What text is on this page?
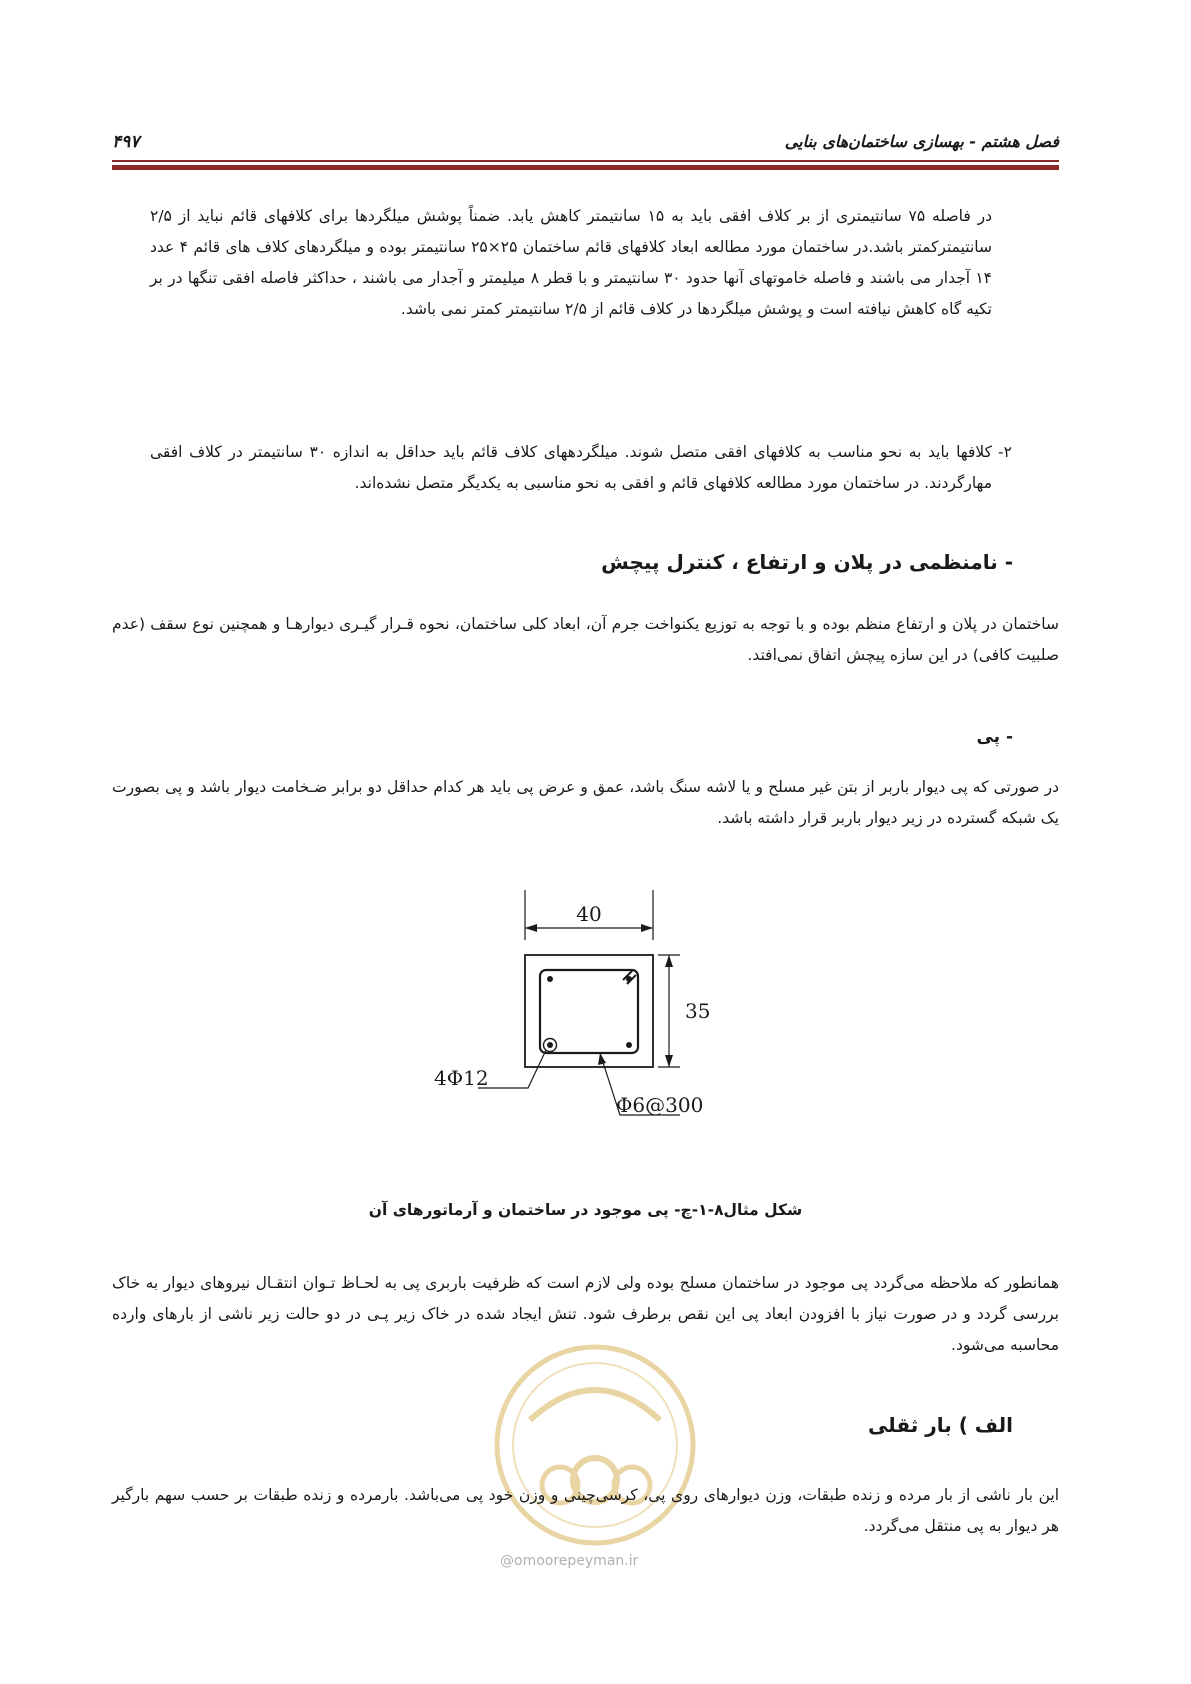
فصل هشتم - بهسازی ساختمان‌های بنایی
۴۹۷

در فاصله ۷۵ سانتیمتری از بر کلاف افقی باید به ۱۵ سانتیمتر کاهش یابد. ضمناً پوشش میلگردها برای کلافهای قائم نباید از ۲/۵ سانتیمترکمتر باشد.در ساختمان مورد مطالعه ابعاد کلافهای قائم ساختمان ۲۵×۲۵ سانتیمتر بوده و میلگردهای کلاف های قائم ۴ عدد ۱۴ آجدار می باشند و فاصله خاموتهای آنها حدود ۳۰ سانتیمتر و با قطر ۸ میلیمتر و آجدار می باشند ، حداکثر فاصله افقی تنگها در بر تکیه گاه کاهش نیافته است و پوشش میلگردها در کلاف قائم از ۲/۵ سانتیمتر کمتر نمی باشد.

۲-

کلافها باید به نحو مناسب به کلافهای افقی متصل شوند. میلگردههای کلاف قائم باید حداقل به اندازه ۳۰ سانتیمتر در کلاف افقی مهارگردند. در ساختمان مورد مطالعه کلافهای قائم و افقی به نحو مناسبی به یکدیگر متصل نشده‌اند.

- نامنظمی در پلان و ارتفاع ، کنترل پیچش

ساختمان در پلان و ارتفاع منظم بوده و با توجه به توزیع یکنواخت جرم آن، ابعاد کلی ساختمان، نحوه قـرار گیـری دیوارهـا و همچنین نوع سقف (عدم صلبیت کافی) در این سازه پیچش اتفاق نمی‌افتد.

- پی

در صورتی که پی دیوار باربر از بتن غیر مسلح و یا لاشه سنگ باشد، عمق و عرض پی باید هر کدام حداقل دو برابر ضـخامت دیوار باشد و پی بصورت یک شبکه گسترده در زیر دیوار باربر قرار داشته باشد.

40
35
4Φ12
Φ6@300
شکل مثال۸-۱-چ- پی موجود در ساختمان و آرماتورهای آن

همانطور که ملاحظه می‌گردد پی موجود در ساختمان مسلح بوده ولی لازم است که ظرفیت باربری پی به لحـاظ تـوان انتقـال نیروهای دیوار به خاک بررسی گردد و در صورت نیاز با افزودن ابعاد پی این نقص برطرف شود. تنش ایجاد شده در خاک زیر پـی در دو حالت زیر ناشی از بارهای وارده محاسبه می‌شود.

@omoorepeyman.ir
الف ) بار ثقلی

این بار ناشی از بار مرده و زنده طبقات، وزن دیوارهای روی پی، کرسی‌چینی و وزن خود پی می‌باشد. بارمرده و زنده طبقات بر حسب سهم بارگیر هر دیوار به پی منتقل می‌گردد.
